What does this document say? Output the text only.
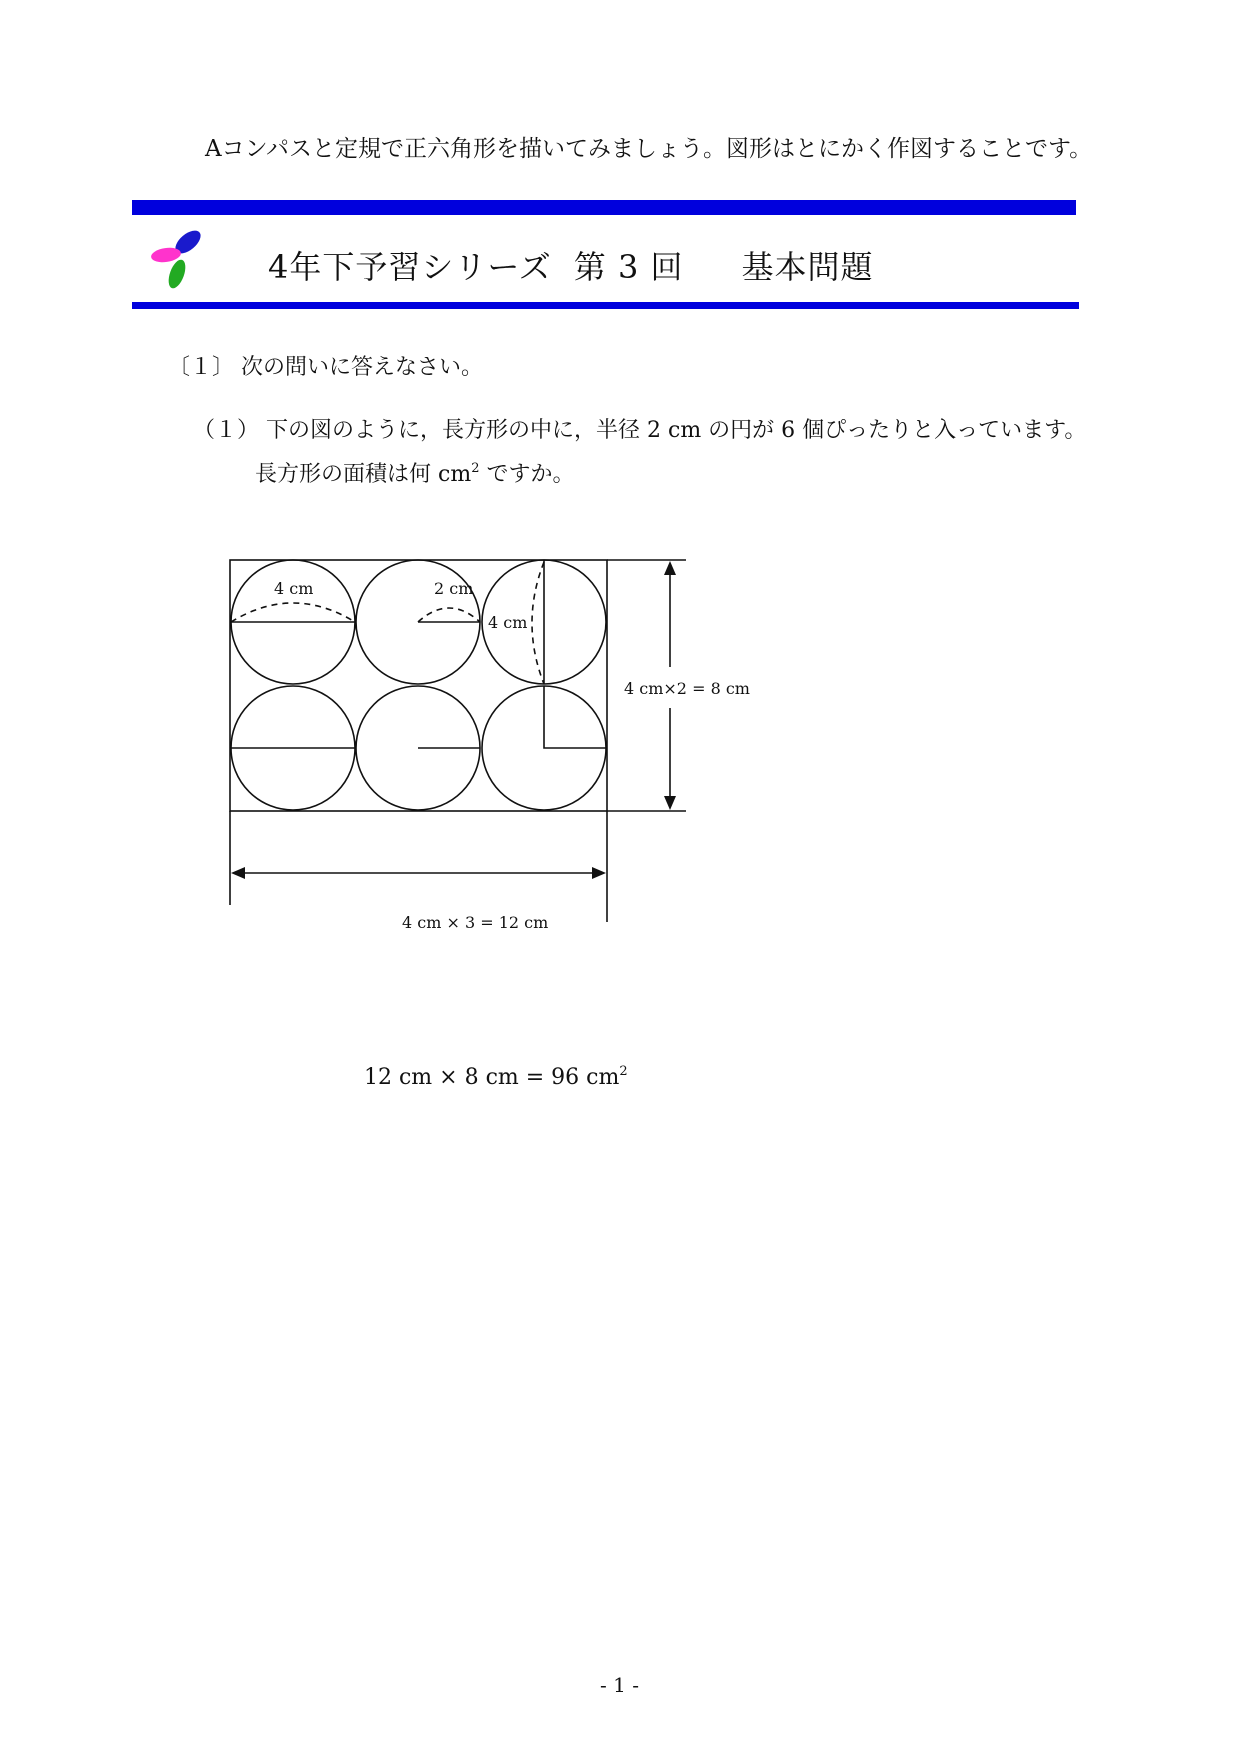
Aコンパスと定規で正六角形を描いてみましょう。図形はとにかく作図することです。
4年下予習シリーズ 第 3 回 基本問題
〔１〕 次の問いに答えなさい。
（１） 下の図のように，長方形の中に，半径 2 cm の円が 6 個ぴったりと入っています。
長方形の面積は何 $cm^2$ ですか。
4 cm	2 cm
4 cm
4 cm×2 = 8 cm
4 cm × 3 = 12 cm
12 cm × 8 cm = 96 $cm^2$
- 1 -
